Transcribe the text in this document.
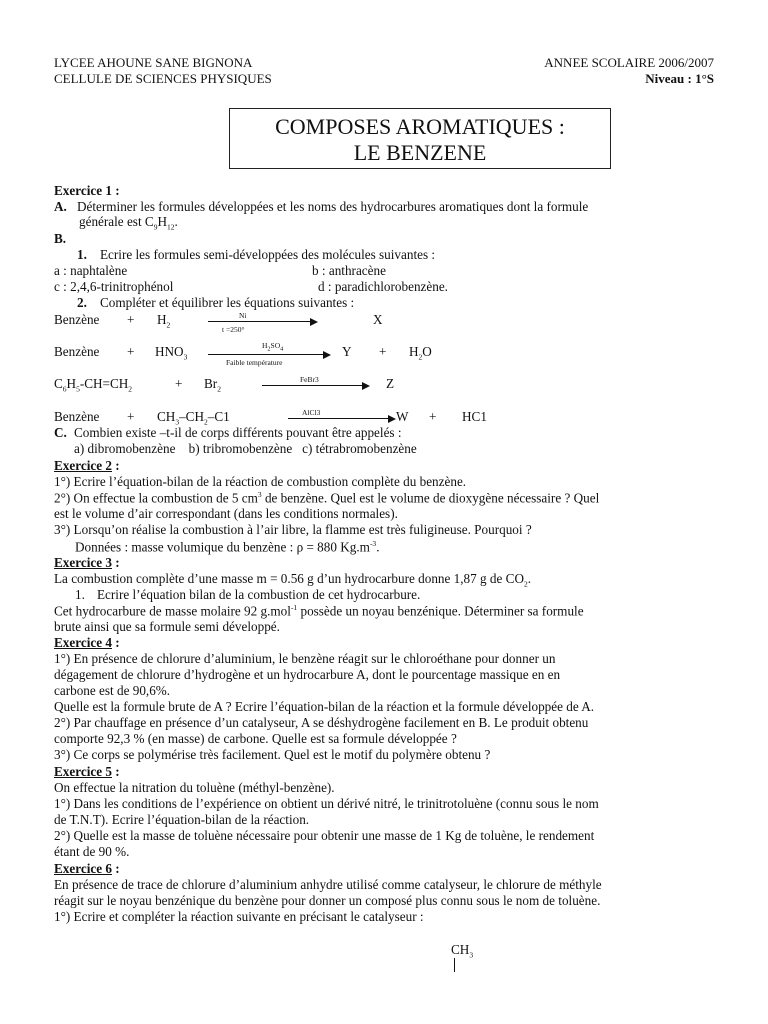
LYCEE AHOUNE SANE BIGNONA
CELLULE DE SCIENCES PHYSIQUES
ANNEE SCOLAIRE 2006/2007
Niveau : 1°S
COMPOSES AROMATIQUES :
LE BENZENE
Exercice 1 :
A. Déterminer les formules développées et les noms des hydrocarbures aromatiques dont la formule
générale est $C_9H_{12}$.
B.
1. Ecrire les formules semi-développées des molécules suivantes :
a : naphtalène	b : anthracène
c : 2,4,6-trinitrophénol	d : paradichlorobenzène.
2. Compléter et équilibrer les équations suivantes :
Benzène + $H_2$
Ni
t =250°
X
Benzène + $HNO_3$
$H_2SO_4$
Faible température
$Y + H_2O$
$C_6H_5-CH=CH_2$	+ $Br_2$
FeBr3	Z
Benzène + $CH_3-CH_2-C1$	AlCl3	W + HC1
C. Combien existe –t-il de corps différents pouvant être appelés :
a) dibromobenzène    b) tribromobenzène   c) tétrabromobenzène
Exercice 2 :
1°) Ecrire l’équation-bilan de la réaction de combustion complète du benzène.
2°) On effectue la combustion de 5 $cm^3$ de benzène. Quel est le volume de dioxygène nécessaire ? Quel
est le volume d’air correspondant (dans les conditions normales).
3°) Lorsqu’on réalise la combustion à l’air libre, la flamme est très fuligineuse. Pourquoi ?
Données : masse volumique du benzène : ρ = 880 $Kg.m^{-3}$.
Exercice 3 :
La combustion complète d’une masse m = 0.56 g d’un hydrocarbure donne 1,87 g de $CO_2$.
1. Ecrire l’équation bilan de la combustion de cet hydrocarbure.
Cet hydrocarbure de masse molaire 92 g.mol$^{-1}$ possède un noyau benzénique. Déterminer sa formule
brute ainsi que sa formule semi développé.
Exercice 4 :
1°) En présence de chlorure d’aluminium, le benzène réagit sur le chloroéthane pour donner un
dégagement de chlorure d’hydrogène et un hydrocarbure A, dont le pourcentage massique en en
carbone est de 90,6%.
Quelle est la formule brute de A ? Ecrire l’équation-bilan de la réaction et la formule développée de A.
2°) Par chauffage en présence d’un catalyseur, A se déshydrogène facilement en B. Le produit obtenu
comporte 92,3 % (en masse) de carbone. Quelle est sa formule développée ?
3°) Ce corps se polymérise très facilement. Quel est le motif du polymère obtenu ?
Exercice 5 :
On effectue la nitration du toluène (méthyl-benzène).
1°) Dans les conditions de l’expérience on obtient un dérivé nitré, le trinitrotoluène (connu sous le nom
de T.N.T). Ecrire l’équation-bilan de la réaction.
2°) Quelle est la masse de toluène nécessaire pour obtenir une masse de 1 Kg de toluène, le rendement
étant de 90 %.
Exercice 6 :
En présence de trace de chlorure d’aluminium anhydre utilisé comme catalyseur, le chlorure de méthyle
réagit sur le noyau benzénique du benzène pour donner un composé plus connu sous le nom de toluène.
1°) Ecrire et compléter la réaction suivante en précisant le catalyseur :
$CH_3$
